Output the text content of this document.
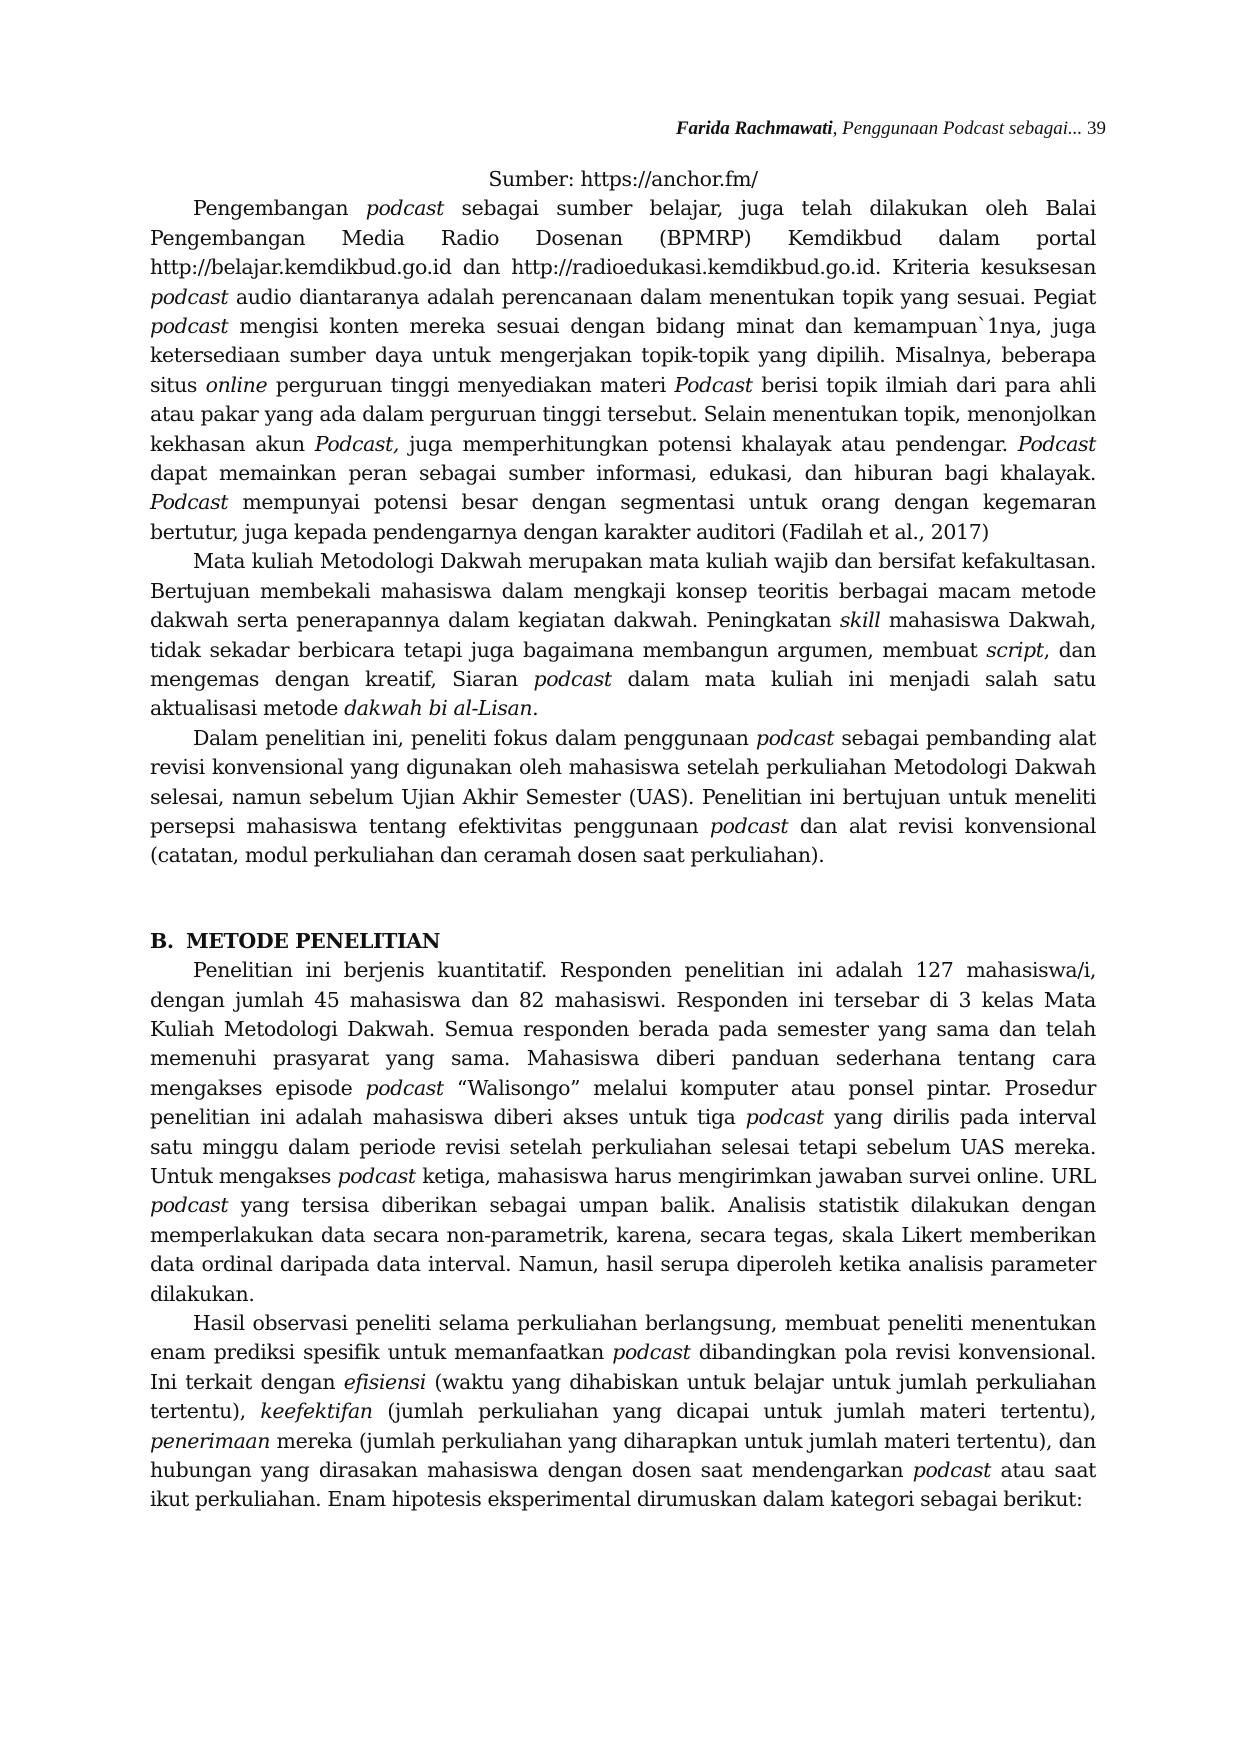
Farida Rachmawati, Penggunaan Podcast sebagai... 39

Sumber: https://anchor.fm/

Pengembangan podcast sebagai sumber belajar, juga telah dilakukan oleh Balai Pengembangan Media Radio Dosenan (BPMRP) Kemdikbud dalam portal http://belajar.kemdikbud.go.id dan http://radioedukasi.kemdikbud.go.id. Kriteria kesuksesan podcast audio diantaranya adalah perencanaan dalam menentukan topik yang sesuai. Pegiat podcast mengisi konten mereka sesuai dengan bidang minat dan kemampuan`1nya, juga ketersediaan sumber daya untuk mengerjakan topik-topik yang dipilih. Misalnya, beberapa situs online perguruan tinggi menyediakan materi Podcast berisi topik ilmiah dari para ahli atau pakar yang ada dalam perguruan tinggi tersebut. Selain menentukan topik, menonjolkan kekhasan akun Podcast, juga memperhitungkan potensi khalayak atau pendengar. Podcast dapat memainkan peran sebagai sumber informasi, edukasi, dan hiburan bagi khalayak. Podcast mempunyai potensi besar dengan segmentasi untuk orang dengan kegemaran bertutur, juga kepada pendengarnya dengan karakter auditori (Fadilah et al., 2017)

Mata kuliah Metodologi Dakwah merupakan mata kuliah wajib dan bersifat kefakultasan. Bertujuan membekali mahasiswa dalam mengkaji konsep teoritis berbagai macam metode dakwah serta penerapannya dalam kegiatan dakwah. Peningkatan skill mahasiswa Dakwah, tidak sekadar berbicara tetapi juga bagaimana membangun argumen, membuat script, dan mengemas dengan kreatif, Siaran podcast dalam mata kuliah ini menjadi salah satu aktualisasi metode dakwah bi al-Lisan.

Dalam penelitian ini, peneliti fokus dalam penggunaan podcast sebagai pembanding alat revisi konvensional yang digunakan oleh mahasiswa setelah perkuliahan Metodologi Dakwah selesai, namun sebelum Ujian Akhir Semester (UAS). Penelitian ini bertujuan untuk meneliti persepsi mahasiswa tentang efektivitas penggunaan podcast dan alat revisi konvensional (catatan, modul perkuliahan dan ceramah dosen saat perkuliahan).

B. METODE PENELITIAN

Penelitian ini berjenis kuantitatif. Responden penelitian ini adalah 127 mahasiswa/i, dengan jumlah 45 mahasiswa dan 82 mahasiswi. Responden ini tersebar di 3 kelas Mata Kuliah Metodologi Dakwah. Semua responden berada pada semester yang sama dan telah memenuhi prasyarat yang sama. Mahasiswa diberi panduan sederhana tentang cara mengakses episode podcast “Walisongo” melalui komputer atau ponsel pintar. Prosedur penelitian ini adalah mahasiswa diberi akses untuk tiga podcast yang dirilis pada interval satu minggu dalam periode revisi setelah perkuliahan selesai tetapi sebelum UAS mereka. Untuk mengakses podcast ketiga, mahasiswa harus mengirimkan jawaban survei online. URL podcast yang tersisa diberikan sebagai umpan balik. Analisis statistik dilakukan dengan memperlakukan data secara non-parametrik, karena, secara tegas, skala Likert memberikan data ordinal daripada data interval. Namun, hasil serupa diperoleh ketika analisis parameter dilakukan.

Hasil observasi peneliti selama perkuliahan berlangsung, membuat peneliti menentukan enam prediksi spesifik untuk memanfaatkan podcast dibandingkan pola revisi konvensional. Ini terkait dengan efisiensi (waktu yang dihabiskan untuk belajar untuk jumlah perkuliahan tertentu), keefektifan (jumlah perkuliahan yang dicapai untuk jumlah materi tertentu), penerimaan mereka (jumlah perkuliahan yang diharapkan untuk jumlah materi tertentu), dan hubungan yang dirasakan mahasiswa dengan dosen saat mendengarkan podcast atau saat ikut perkuliahan. Enam hipotesis eksperimental dirumuskan dalam kategori sebagai berikut:
